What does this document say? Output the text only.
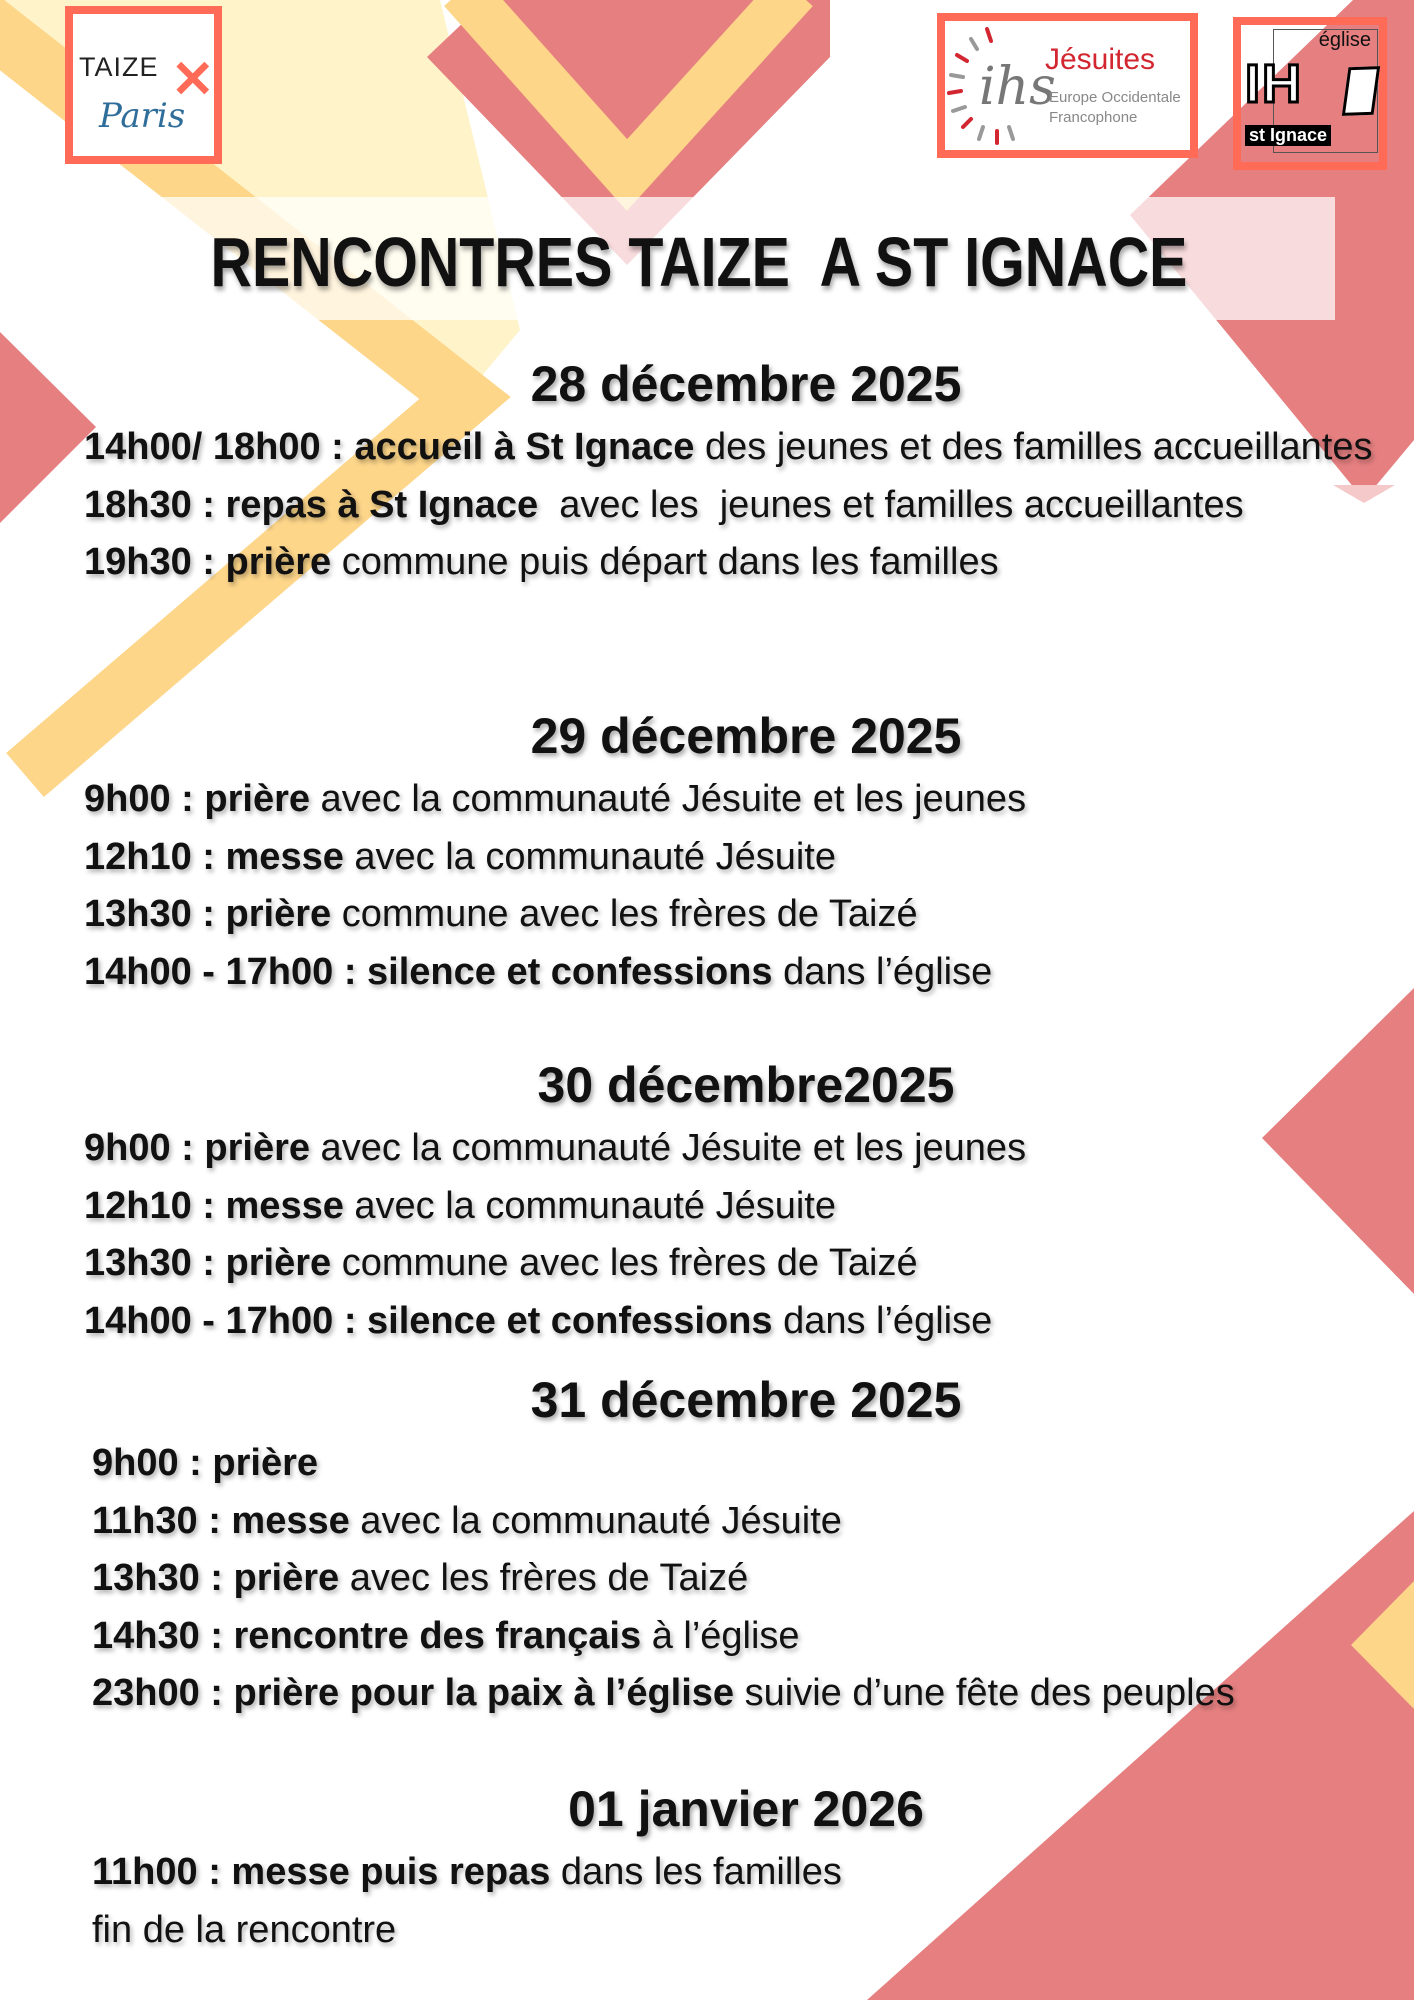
TAIZE ✕
Paris	ihs
Jésuites
Europe Occidentale
Francophone
église
IH
st Ignace
RENCONTRES TAIZE  A ST IGNACE
28 décembre 2025
14h00/ 18h00 : accueil à St Ignace des jeunes et des familles accueillantes
18h30 : repas à St Ignace  avec les  jeunes et familles accueillantes
19h30 : prière commune puis départ dans les familles
29 décembre 2025
9h00 : prière avec la communauté Jésuite et les jeunes
12h10 : messe avec la communauté Jésuite
13h30 : prière commune avec les frères de Taizé
14h00 - 17h00 : silence et confessions dans l’église
30 décembre2025
9h00 : prière avec la communauté Jésuite et les jeunes
12h10 : messe avec la communauté Jésuite
13h30 : prière commune avec les frères de Taizé
14h00 - 17h00 : silence et confessions dans l’église
31 décembre 2025
9h00 : prière
11h30 : messe avec la communauté Jésuite
13h30 : prière avec les frères de Taizé
14h30 : rencontre des français à l’église
23h00 : prière pour la paix à l’église suivie d’une fête des peuples
01 janvier 2026
11h00 : messe puis repas dans les familles
fin de la rencontre
